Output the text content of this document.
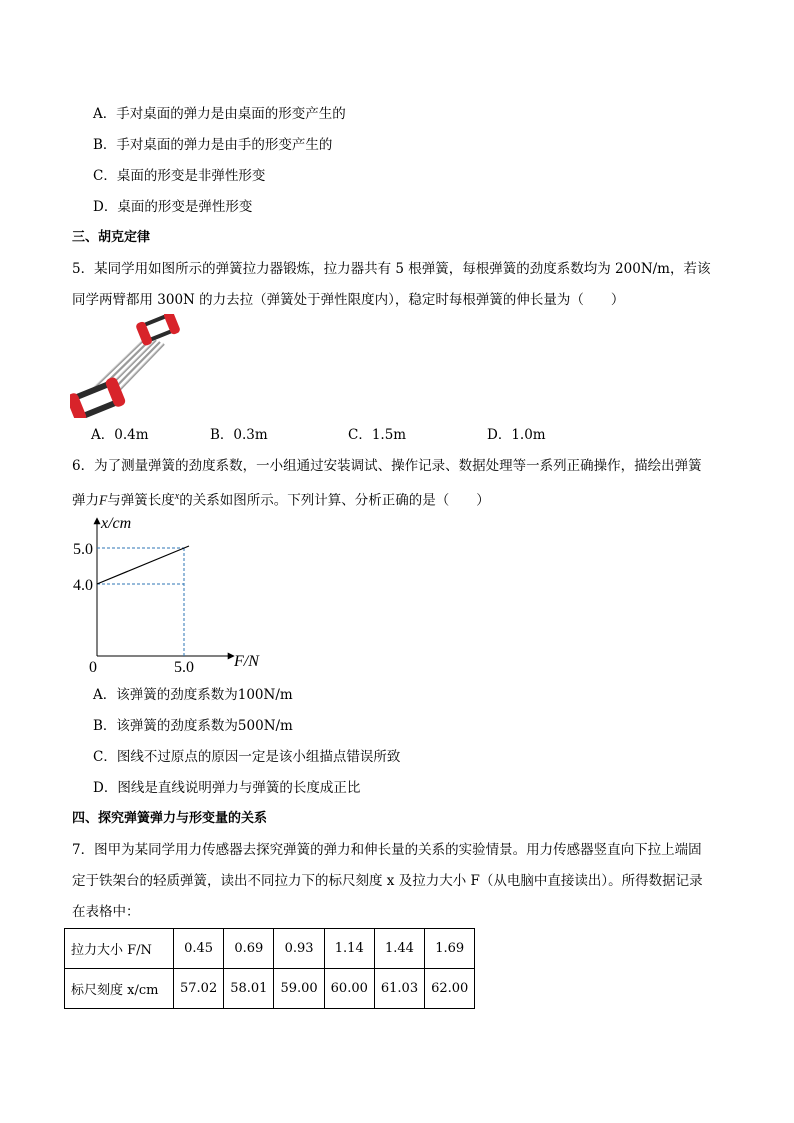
A．手对桌面的弹力是由桌面的形变产生的
B．手对桌面的弹力是由手的形变产生的
C．桌面的形变是非弹性形变
D．桌面的形变是弹性形变
三、胡克定律
5．某同学用如图所示的弹簧拉力器锻炼，拉力器共有 5 根弹簧，每根弹簧的劲度系数均为 200N/m，若该
同学两臂都用 300N 的力去拉（弹簧处于弹性限度内），稳定时每根弹簧的伸长量为（　　）
A．0.4m	B．0.3m	C．1.5m	D．1.0m
6．为了测量弹簧的劲度系数，一小组通过安装调试、操作记录、数据处理等一系列正确操作，描绘出弹簧
弹力F与弹簧长度$^x$的关系如图所示。下列计算、分析正确的是（　　）
4.0
5.0
5.0
x/cm
F/N
0
A．该弹簧的劲度系数为100N/m
B．该弹簧的劲度系数为500N/m
C．图线不过原点的原因一定是该小组描点错误所致
D．图线是直线说明弹力与弹簧的长度成正比
四、探究弹簧弹力与形变量的关系
7．图甲为某同学用力传感器去探究弹簧的弹力和伸长量的关系的实验情景。用力传感器竖直向下拉上端固
定于铁架台的轻质弹簧，读出不同拉力下的标尺刻度 x 及拉力大小 F（从电脑中直接读出）。所得数据记录
在表格中：
拉力大小 F/N	0.45	0.69	0.93	1.14	1.44	1.69
标尺刻度 x/cm	57.02	58.01	59.00	60.00	61.03	62.00
